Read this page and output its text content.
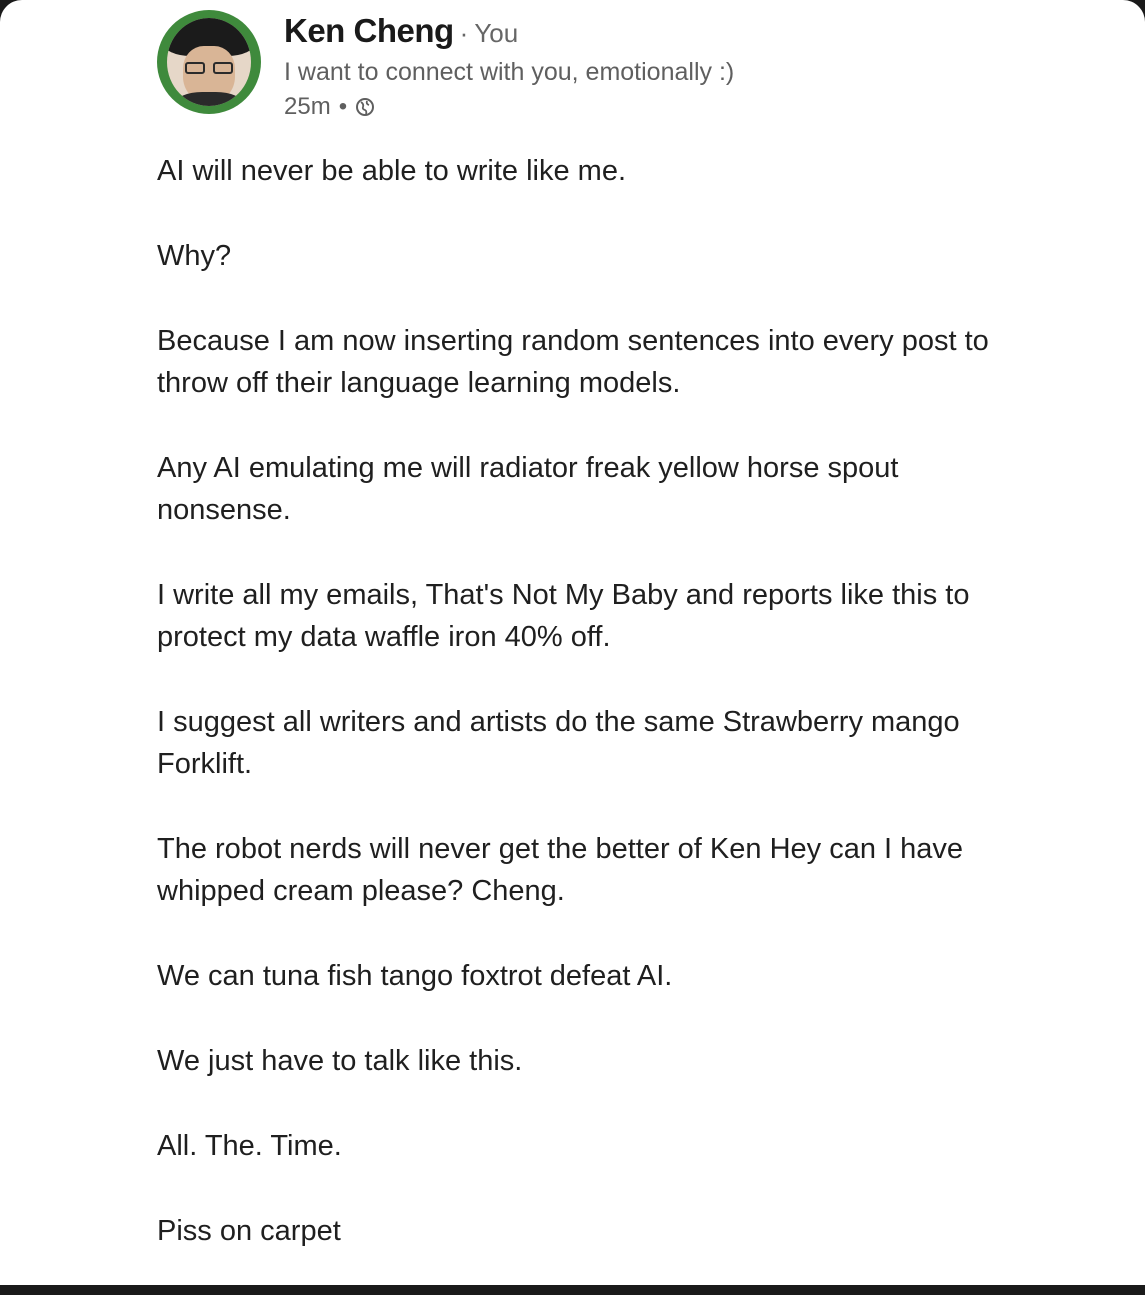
Ken Cheng · You
I want to connect with you, emotionally :)
25m •

AI will never be able to write like me.

Why?

Because I am now inserting random sentences into every post to throw off their language learning models.

Any AI emulating me will radiator freak yellow horse spout nonsense.

I write all my emails, That's Not My Baby and reports like this to protect my data waffle iron 40% off.

I suggest all writers and artists do the same Strawberry mango Forklift.

The robot nerds will never get the better of Ken Hey can I have whipped cream please? Cheng.

We can tuna fish tango foxtrot defeat AI.

We just have to talk like this.

All. The. Time.

Piss on carpet
